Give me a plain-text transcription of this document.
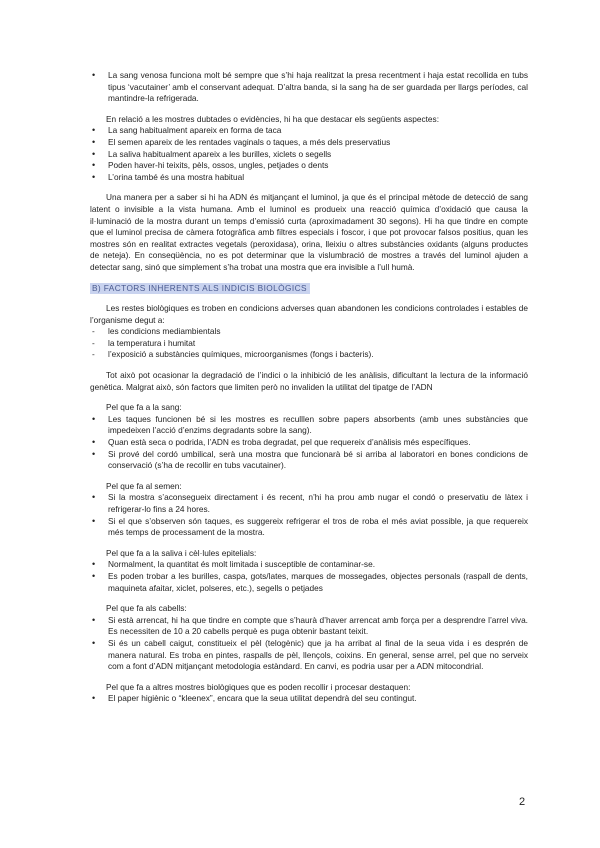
• La sang venosa funciona molt bé sempre que s’hi haja realitzat la presa recentment i haja estat recollida en tubs tipus ‘vacutainer’ amb el conservant adequat. D’altra banda, si la sang ha de ser guardada per llargs períodes, cal mantindre-la refrigerada.

En relació a les mostres dubtades o evidències, hi ha que destacar els següents aspectes:

• La sang habitualment apareix en forma de taca
• El semen apareix de les rentades vaginals o taques, a més dels preservatius
• La saliva habitualment apareix a les burilles, xiclets o segells
• Poden haver-hi teixits, pèls, ossos, ungles, petjades o dents
• L’orina també és una mostra habitual

Una manera per a saber si hi ha ADN és mitjançant el luminol, ja que és el principal mètode de detecció de sang latent o invisible a la vista humana. Amb el luminol es produeix una reacció química d’oxidació que causa la il·luminació de la mostra durant un temps d’emissió curta (aproximadament 30 segons). Hi ha que tindre en compte que el luminol precisa de càmera fotogràfica amb filtres especials i foscor, i que pot provocar falsos positius, quan les mostres són en realitat extractes vegetals (peroxidasa), orina, lleixiu o altres substàncies oxidants (alguns productes de neteja). En conseqüència, no es pot determinar que la vislumbració de mostres a través del luminol ajuden a detectar sang, sinó que simplement s’ha trobat una mostra que era invisible a l’ull humà.

B) FACTORS INHERENTS ALS INDICIS BIOLÒGICS

Les restes biològiques es troben en condicions adverses quan abandonen les condicions controlades i estables de l’organisme degut a:

- les condicions mediambientals
- la temperatura i humitat
- l’exposició a substàncies químiques, microorganismes (fongs i bacteris).

Tot això pot ocasionar la degradació de l’indici o la inhibició de les anàlisis, dificultant la lectura de la informació genètica. Malgrat això, són factors que limiten però no invaliden la utilitat del tipatge de l’ADN

Pel que fa a la sang:

• Les taques funcionen bé si les mostres es reculllen sobre papers absorbents (amb unes substàncies que impedeixen l’acció d’enzims degradants sobre la sang).
• Quan està seca o podrida, l’ADN es troba degradat, pel que requereix d’anàlisis més específiques.
• Si prové del cordó umbilical, serà una mostra que funcionarà bé si arriba al laboratori en bones condicions de conservació (s’ha de recollir en tubs vacutainer).

Pel que fa al semen:

• Si la mostra s’aconsegueix directament i és recent, n’hi ha prou amb nugar el condó o preservatiu de làtex i refrigerar-lo fins a 24 hores.
• Si el que s’observen són taques, es suggereix refrigerar el tros de roba el més aviat possible, ja que requereix més temps de processament de la mostra.

Pel que fa a la saliva i cèl·lules epitelials:

• Normalment, la quantitat és molt limitada i susceptible de contaminar-se.
• Es poden trobar a les burilles, caspa, gots/lates, marques de mossegades, objectes personals (raspall de dents, maquineta afaitar, xiclet, polseres, etc.), segells o petjades

Pel que fa als cabells:

• Si està arrencat, hi ha que tindre en compte que s’haurà d’haver arrencat amb força per a desprendre l’arrel viva. Es necessiten de 10 a 20 cabells perquè es puga obtenir bastant teixit.
• Si és un cabell caigut, constitueix el pèl (telogènic) que ja ha arribat al final de la seua vida i es desprén de manera natural. Es troba en pintes, raspalls de pèl, llençols, coixins. En general, sense arrel, pel que no serveix com a font d’ADN mitjançant metodologia estàndard. En canvi, es podria usar per a ADN mitocondrial.

Pel que fa a altres mostres biològiques que es poden recollir i procesar destaquen:

• El paper higiènic o “kleenex”, encara que la seua utilitat dependrà del seu contingut.
2
